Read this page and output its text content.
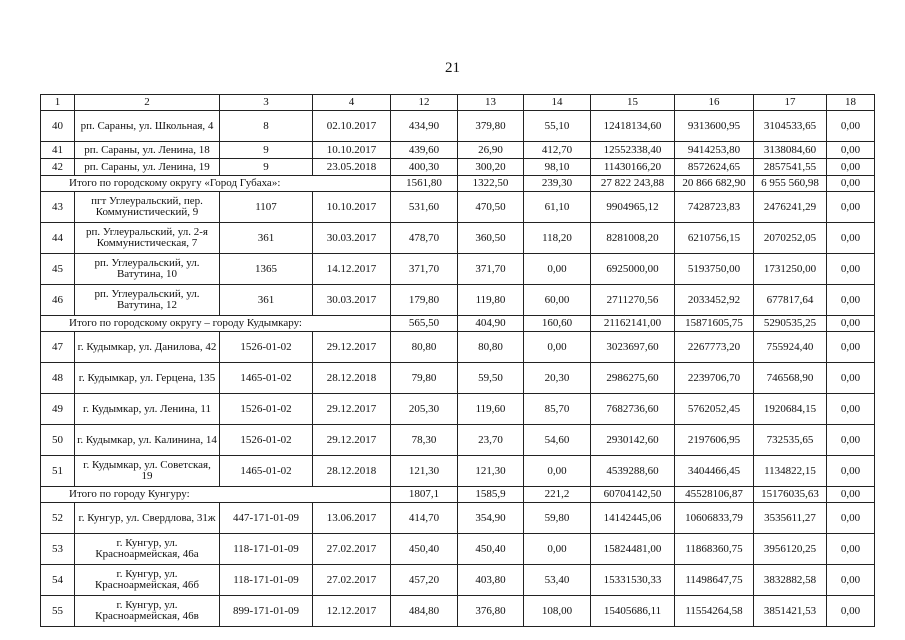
21
1	2	3	4	12	13	14	15	16	17	18
40	рп. Сараны, ул. Школьная, 4	8	02.10.2017	434,90	379,80	55,10	12418134,60	9313600,95	3104533,65	0,00
41	рп. Сараны, ул. Ленина, 18	9	10.10.2017	439,60	26,90	412,70	12552338,40	9414253,80	3138084,60	0,00
42	рп. Сараны, ул. Ленина, 19	9	23.05.2018	400,30	300,20	98,10	11430166,20	8572624,65	2857541,55	0,00
Итого по городскому округу «Город Губаха»:				1561,80	1322,50	239,30	27 822 243,88	20 866 682,90	6 955 560,98	0,00
43	пгт Углеуральский, пер. Коммунистический, 9	1107	10.10.2017	531,60	470,50	61,10	9904965,12	7428723,83	2476241,29	0,00
44	рп. Углеуральский, ул. 2-я Коммунистическая, 7	361	30.03.2017	478,70	360,50	118,20	8281008,20	6210756,15	2070252,05	0,00
45	рп. Углеуральский, ул. Ватутина, 10	1365	14.12.2017	371,70	371,70	0,00	6925000,00	5193750,00	1731250,00	0,00
46	рп. Углеуральский, ул. Ватутина, 12	361	30.03.2017	179,80	119,80	60,00	2711270,56	2033452,92	677817,64	0,00
Итого по городскому округу – городу Кудымкару:				565,50	404,90	160,60	21162141,00	15871605,75	5290535,25	0,00
47	г. Кудымкар, ул. Данилова, 42	1526-01-02	29.12.2017	80,80	80,80	0,00	3023697,60	2267773,20	755924,40	0,00
48	г. Кудымкар, ул. Герцена, 135	1465-01-02	28.12.2018	79,80	59,50	20,30	2986275,60	2239706,70	746568,90	0,00
49	г. Кудымкар, ул. Ленина, 11	1526-01-02	29.12.2017	205,30	119,60	85,70	7682736,60	5762052,45	1920684,15	0,00
50	г. Кудымкар, ул. Калинина, 14	1526-01-02	29.12.2017	78,30	23,70	54,60	2930142,60	2197606,95	732535,65	0,00
51	г. Кудымкар, ул. Советская, 19	1465-01-02	28.12.2018	121,30	121,30	0,00	4539288,60	3404466,45	1134822,15	0,00
Итого по городу Кунгуру:				1807,1	1585,9	221,2	60704142,50	45528106,87	15176035,63	0,00
52	г. Кунгур, ул. Свердлова, 31ж	447-171-01-09	13.06.2017	414,70	354,90	59,80	14142445,06	10606833,79	3535611,27	0,00
53	г. Кунгур, ул. Красноармейская, 46а	118-171-01-09	27.02.2017	450,40	450,40	0,00	15824481,00	11868360,75	3956120,25	0,00
54	г. Кунгур, ул. Красноармейская, 46б	118-171-01-09	27.02.2017	457,20	403,80	53,40	15331530,33	11498647,75	3832882,58	0,00
55	г. Кунгур, ул. Красноармейская, 46в	899-171-01-09	12.12.2017	484,80	376,80	108,00	15405686,11	11554264,58	3851421,53	0,00
